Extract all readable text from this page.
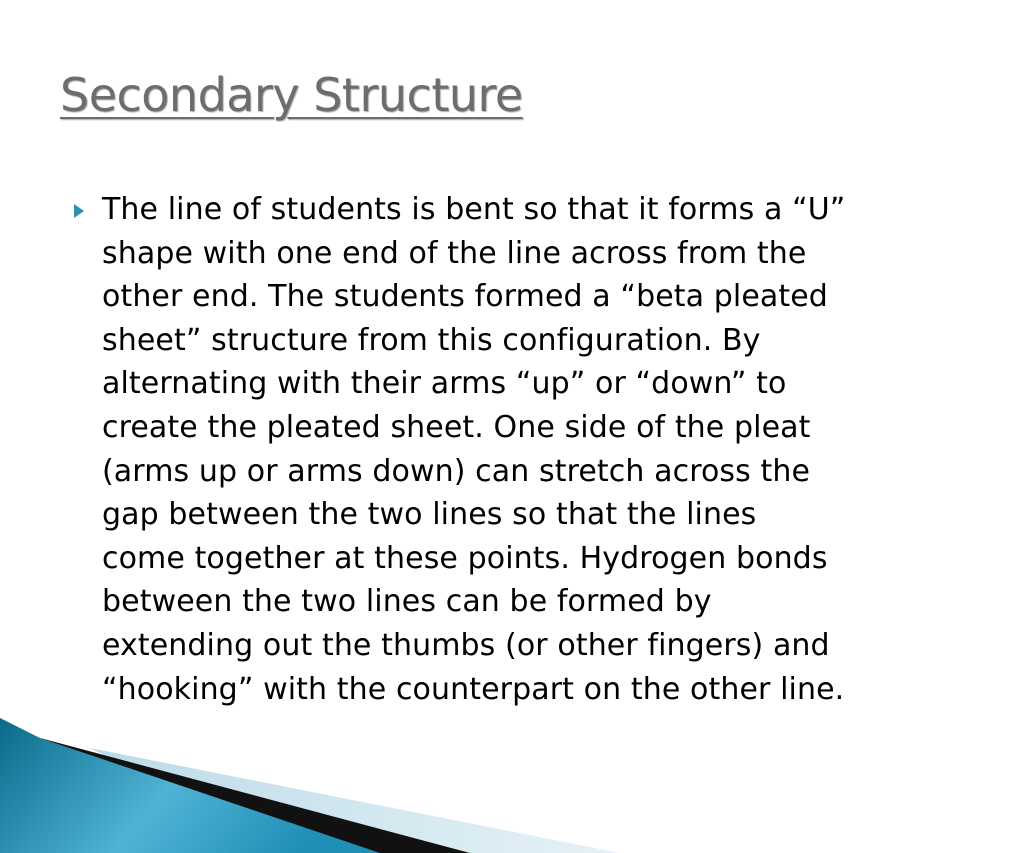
Secondary Structure

The line of students is bent so that it forms a “U”
shape with one end of the line across from the
other end. The students formed a “beta pleated
sheet” structure from this configuration. By
alternating with their arms “up” or “down” to
create the pleated sheet. One side of the pleat
(arms up or arms down) can stretch across the
gap between the two lines so that the lines
come together at these points. Hydrogen bonds
between the two lines can be formed by
extending out the thumbs (or other fingers) and
“hooking” with the counterpart on the other line.
